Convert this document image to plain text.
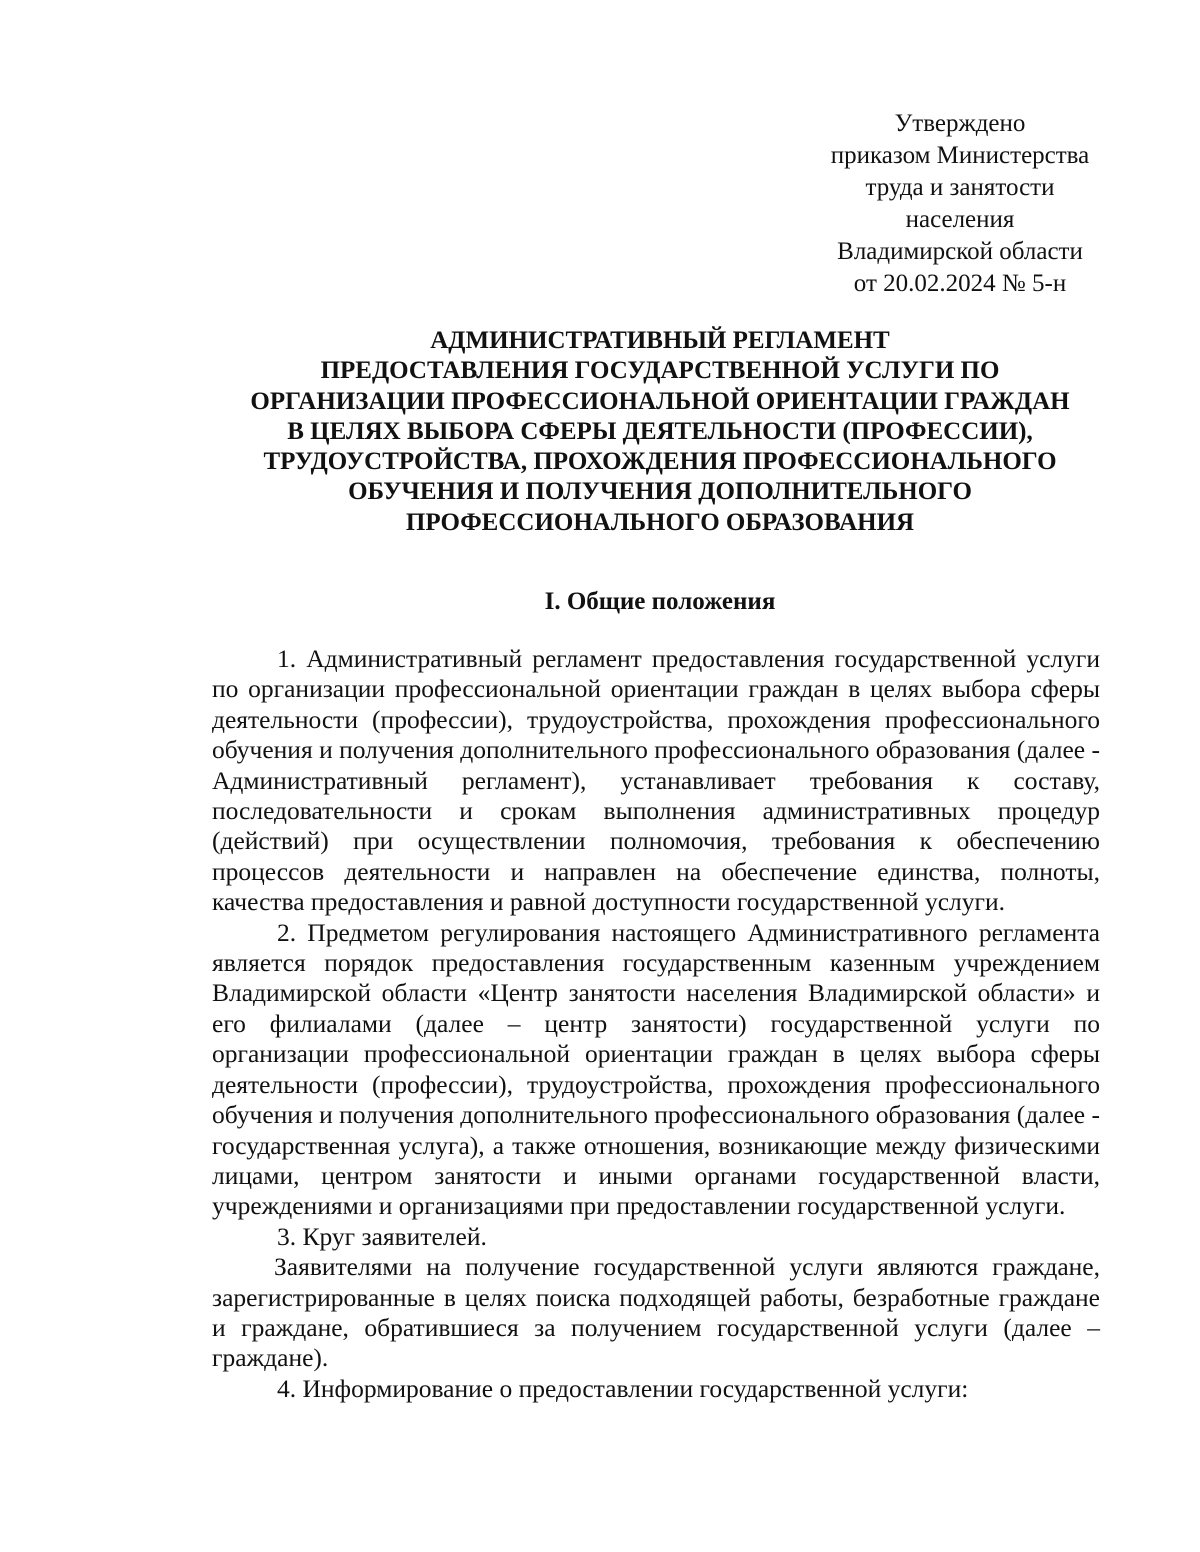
Утверждено
приказом Министерства
труда и занятости
населения
Владимирской области
от 20.02.2024 № 5-н
АДМИНИСТРАТИВНЫЙ РЕГЛАМЕНТ
ПРЕДОСТАВЛЕНИЯ ГОСУДАРСТВЕННОЙ УСЛУГИ ПО
ОРГАНИЗАЦИИ ПРОФЕССИОНАЛЬНОЙ ОРИЕНТАЦИИ ГРАЖДАН
В ЦЕЛЯХ ВЫБОРА СФЕРЫ ДЕЯТЕЛЬНОСТИ (ПРОФЕССИИ),
ТРУДОУСТРОЙСТВА, ПРОХОЖДЕНИЯ ПРОФЕССИОНАЛЬНОГО
ОБУЧЕНИЯ И ПОЛУЧЕНИЯ ДОПОЛНИТЕЛЬНОГО
ПРОФЕССИОНАЛЬНОГО ОБРАЗОВАНИЯ
I. Общие положения

1. Административный регламент предоставления государственной услуги по организации профессиональной ориентации граждан в целях выбора сферы деятельности (профессии), трудоустройства, прохождения профессионального обучения и получения дополнительного профессионального образования (далее - Административный регламент), устанавливает требования к составу, последовательности и срокам выполнения административных процедур (действий) при осуществлении полномочия, требования к обеспечению процессов деятельности и направлен на обеспечение единства, полноты, качества предоставления и равной доступности государственной услуги.

2. Предметом регулирования настоящего Административного регламента является порядок предоставления государственным казенным учреждением Владимирской области «Центр занятости населения Владимирской области» и его филиалами (далее – центр занятости) государственной услуги по организации профессиональной ориентации граждан в целях выбора сферы деятельности (профессии), трудоустройства, прохождения профессионального обучения и получения дополнительного профессионального образования (далее - государственная услуга), а также отношения, возникающие между физическими лицами, центром занятости и иными органами государственной власти, учреждениями и организациями при предоставлении государственной услуги.

3. Круг заявителей.

Заявителями на получение государственной услуги являются граждане, зарегистрированные в целях поиска подходящей работы, безработные граждане и граждане, обратившиеся за получением государственной услуги (далее – граждане).

4. Информирование о предоставлении государственной услуги:
